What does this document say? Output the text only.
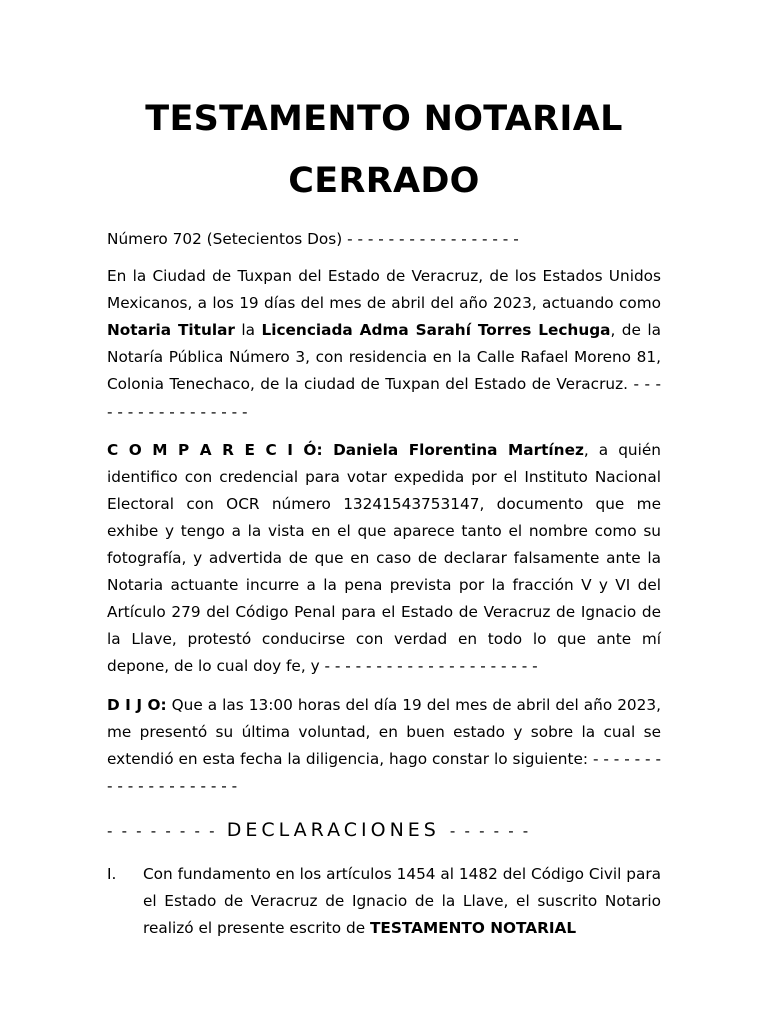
TESTAMENTO NOTARIAL
CERRADO

Número 702 (Setecientos Dos) - - - - - - - - - - - - - - - - -

En la Ciudad de Tuxpan del Estado de Veracruz, de los Estados Unidos Mexicanos, a los 19 días del mes de abril del año 2023, actuando como Notaria Titular la Licenciada Adma Sarahí Torres Lechuga, de la Notaría Pública Número 3, con residencia en la Calle Rafael Moreno 81, Colonia Tenechaco, de la ciudad de Tuxpan del Estado de Veracruz. - - - - - - - - - - - - - - - - -

C O M P A R E C I Ó: Daniela Florentina Martínez, a quién identifico con credencial para votar expedida por el Instituto Nacional Electoral con OCR número 13241543753147, documento que me exhibe y tengo a la vista en el que aparece tanto el nombre como su fotografía, y advertida de que en caso de declarar falsamente ante la Notaria actuante incurre a la pena prevista por la fracción V y VI del Artículo 279 del Código Penal para el Estado de Veracruz de Ignacio de la Llave, protestó conducirse con verdad en todo lo que ante mí depone, de lo cual doy fe, y - - - - - - - - - - - - - - - - - - - - -

D I J O: Que a las 13:00 horas del día 19 del mes de abril del año 2023, me presentó su última voluntad, en buen estado y sobre la cual se extendió en esta fecha la diligencia, hago constar lo siguiente: - - - - - - - - - - - - - - - - - - - -

- - - - - - - - DECLARACIONES - - - - - -
I.	Con fundamento en los artículos 1454 al 1482 del Código Civil para el Estado de Veracruz de Ignacio de la Llave, el suscrito Notario realizó el presente escrito de TESTAMENTO NOTARIAL
